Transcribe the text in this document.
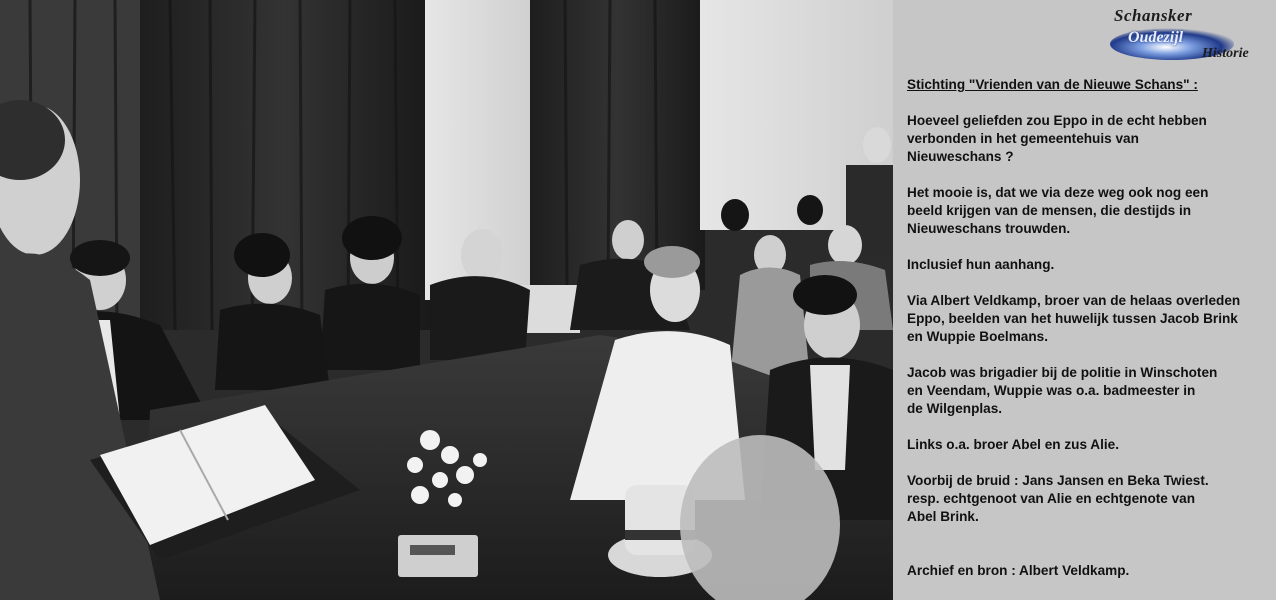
Schansker
Oudezijl
Historie

Stichting "Vrienden van de Nieuwe Schans" :

Hoeveel geliefden zou Eppo in de echt hebben

verbonden in het gemeentehuis van

Nieuweschans ?

Het mooie is, dat we via deze weg ook nog een

beeld krijgen van de mensen, die destijds in

Nieuweschans trouwden.

Inclusief hun aanhang.

Via Albert Veldkamp, broer van de helaas overleden

Eppo, beelden van het huwelijk tussen Jacob Brink

en Wuppie Boelmans.

Jacob was brigadier bij de politie in Winschoten

en Veendam, Wuppie was o.a. badmeester in

de Wilgenplas.

Links o.a. broer Abel en zus Alie.

Voorbij de bruid : Jans Jansen en Beka Twiest.

resp. echtgenoot van Alie en echtgenote van

Abel Brink.

Archief en bron : Albert Veldkamp.
